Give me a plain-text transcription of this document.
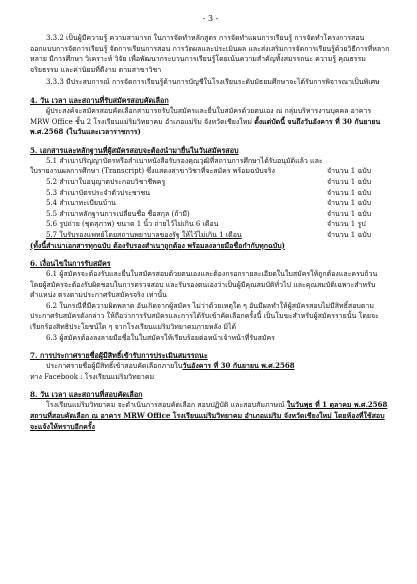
- 3 -

3.3.2 เป็นผู้มีความรู้ ความสามารถ ในการจัดทำหลักสูตร การจัดทำแผนการเรียนรู้ การจัดทำโครงการสอน ออกแบบการจัดการเรียนรู้ จัดการเรียนการสอน การวัดผลและประเมินผล และส่งเสริมการจัดการเรียนรู้ด้วยวิธีการที่หลากหลาย มีการศึกษา วิเคราะห์ วิจัย เพื่อพัฒนากระบวนการเรียนรู้โดยเน้นความสำคัญทั้งสมรรถนะ ความรู้ คุณธรรม จริยธรรม และค่านิยมที่ดีงาม ตามสาขาวิชา

3.3.3 มีประสบการณ์ การจัดการเรียนรู้ด้านการบัญชีในโรงเรียนระดับมัธยมศึกษาจะได้รับการพิจารณาเป็นพิเศษ

4. วัน เวลา และสถานที่รับสมัครสอบคัดเลือก

ผู้ประสงค์จะสมัครสอบคัดเลือกสามารถรับใบสมัครและยื่นใบสมัครด้วยตนเอง ณ กลุ่มบริหารงานบุคคล อาคาร MRW Office ชั้น 2 โรงเรียนแม่ริมวิทยาคม อำเภอแม่ริม จังหวัดเชียงใหม่ ตั้งแต่บัดนี้ จนถึงวันอังคาร ที่ 30 กันยายน พ.ศ.2568 (ในวันและเวลาราชการ)

5. เอกสารและหลักฐานที่ผู้สมัครสอบจะต้องนำมายื่นในวันสมัครสอบ

5.1 สำเนาปริญญาบัตรหรือสำเนาหนังสือรับรองคุณวุฒิที่สถานการศึกษาได้รับอนุมัติแล้ว และใบรายงานผลการศึกษา (Transcript) ซึ่งแสดงสาขาวิชาที่จะสมัคร พร้อมฉบับจริง	จำนวน 1 ฉบับ
5.2 สำเนาใบอนุญาตประกอบวิชาชีพครู	จำนวน 1 ฉบับ
5.3 สำเนาบัตรประจำตัวประชาชน	จำนวน 1 ฉบับ
5.4 สำเนาทะเบียนบ้าน	จำนวน 1 ฉบับ
5.5 สำเนาหลักฐานการเปลี่ยนชื่อ ชื่อสกุล (ถ้ามี)	จำนวน 1 ฉบับ
5.6 รูปถ่าย (ชุดสุภาพ) ขนาด 1 นิ้ว ถ่ายไว้ไม่เกิน 6 เดือน	จำนวน 1 รูป
5.7 ใบรับรองแพทย์โดยสถานพยาบาลของรัฐ ให้ไว้ไม่เกิน 1 เดือน	จำนวน 1 ฉบับ

(ทั้งนี้สำเนาเอกสารทุกฉบับ ต้องรับรองสำเนาถูกต้อง พร้อมลงลายมือชื่อกำกับทุกฉบับ)

6. เงื่อนไขในการรับสมัคร

6.1 ผู้สมัครจะต้องรับและยื่นใบสมัครสอบด้วยตนเองและต้องกรอกรายละเอียดในใบสมัครให้ถูกต้องและครบถ้วน โดยผู้สมัครจะต้องรับผิดชอบในการตรวจสอบ และรับรองตนเองว่าเป็นผู้มีคุณสมบัติทั่วไป และคุณสมบัติเฉพาะสำหรับตำแหน่ง ตรงตามประกาศรับสมัครจริง เท่านั้น

6.2 ในกรณีที่มีความผิดพลาด อันเกิดจากผู้สมัคร ไม่ว่าด้วยเหตุใด ๆ อันมีผลทำให้ผู้สมัครสอบไม่มีสิทธิ์สอบตามประกาศรับสมัครดังกล่าว ให้ถือว่าการรับสมัครและการได้รับเข้าคัดเลือกครั้งนี้ เป็นโมฆะสำหรับผู้สมัครรายนั้น โดยจะเรียกร้องสิทธิประโยชน์ใด ๆ จากโรงเรียนแม่ริมวิทยาคมภายหลัง มิได้

6.3 ผู้สมัครต้องลงลายมือชื่อในใบสมัครให้เรียบร้อยต่อหน้าเจ้าหน้าที่รับสมัคร

7. การประกาศรายชื่อผู้มีสิทธิ์เข้ารับการประเมินสมรรถนะ

ประกาศรายชื่อผู้มีสิทธิ์เข้าสอบคัดเลือกภายในวันอังคาร ที่ 30 กันยายน พ.ศ.2568

ทาง Facebook : โรงเรียนแม่ริมวิทยาคม

8. วัน เวลา และสถานที่สอบคัดเลือก

โรงเรียนแม่ริมวิทยาคม จะดำเนินการสอบคัดเลือก สอบปฏิบัติ และสอบสัมภาษณ์ ในวันพุธ ที่ 1 ตุลาคม พ.ศ.2568 สถานที่สอบคัดเลือก ณ อาคาร MRW Office โรงเรียนแม่ริมวิทยาคม อำเภอแม่ริม จังหวัดเชียงใหม่ โดยห้องที่ใช้สอบจะแจ้งให้ทราบอีกครั้ง
